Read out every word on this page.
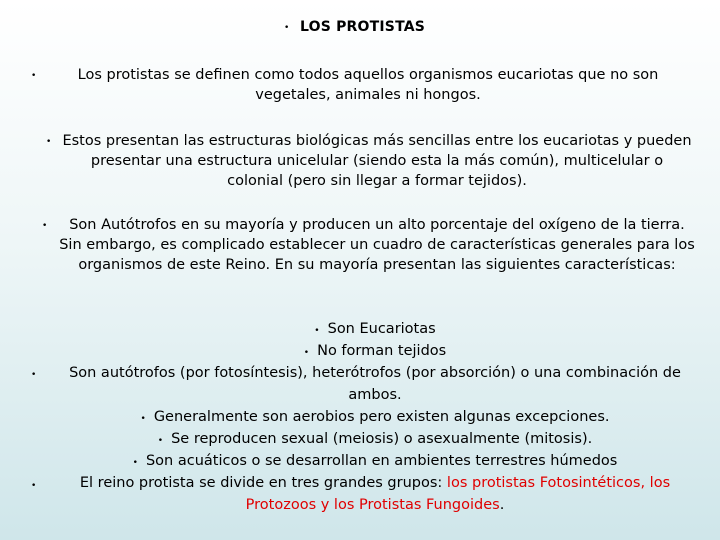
• LOS PROTISTAS
•	Los protistas se definen como todos aquellos organismos eucariotas que no son vegetales, animales ni hongos.
• Estos presentan las estructuras biológicas más sencillas entre los eucariotas y pueden presentar una estructura unicelular (siendo esta la más común), multicelular o colonial (pero sin llegar a formar tejidos).
•	Son Autótrofos en su mayoría y producen un alto porcentaje del oxígeno de la tierra. Sin embargo, es complicado establecer un cuadro de características generales para los organismos de este Reino. En su mayoría presentan las siguientes características:
• Son Eucariotas
• No forman tejidos
Son autótrofos (por fotosíntesis), heterótrofos (por absorción) o una combinación de ambos.
• Generalmente son aerobios pero existen algunas excepciones.
• Se reproducen sexual (meiosis) o asexualmente (mitosis).
• Son acuáticos o se desarrollan en ambientes terrestres húmedos
El reino protista se divide en tres grandes grupos: los protistas Fotosintéticos, los Protozoos y los Protistas Fungoides.
•
•
